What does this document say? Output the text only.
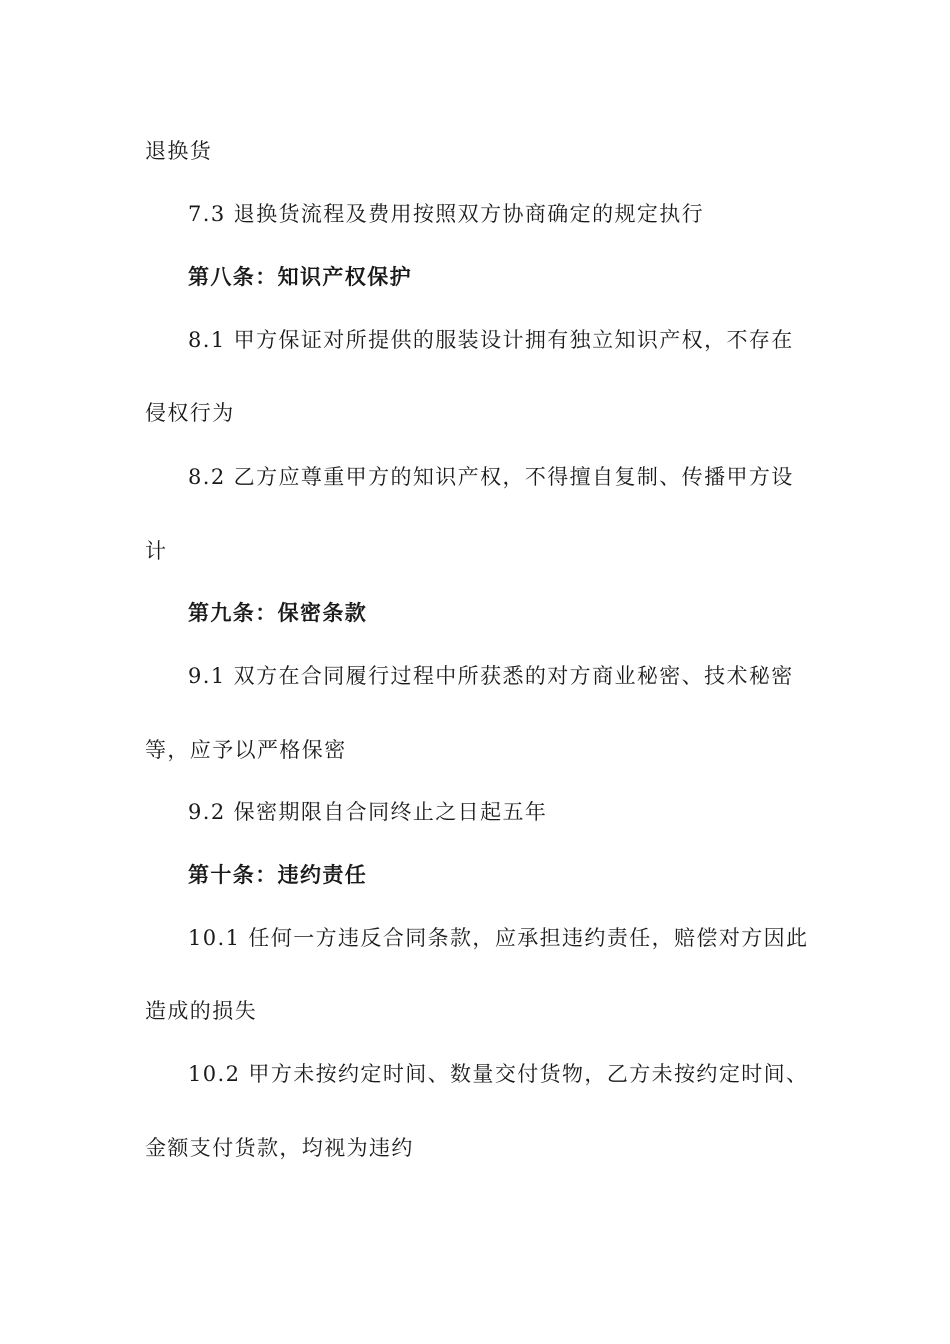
退换货
7.3 退换货流程及费用按照双方协商确定的规定执行
第八条：知识产权保护
8.1 甲方保证对所提供的服装设计拥有独立知识产权，不存在
侵权行为
8.2 乙方应尊重甲方的知识产权，不得擅自复制、传播甲方设
计
第九条：保密条款
9.1 双方在合同履行过程中所获悉的对方商业秘密、技术秘密
等，应予以严格保密
9.2 保密期限自合同终止之日起五年
第十条：违约责任
10.1 任何一方违反合同条款，应承担违约责任，赔偿对方因此
造成的损失
10.2 甲方未按约定时间、数量交付货物，乙方未按约定时间、
金额支付货款，均视为违约
